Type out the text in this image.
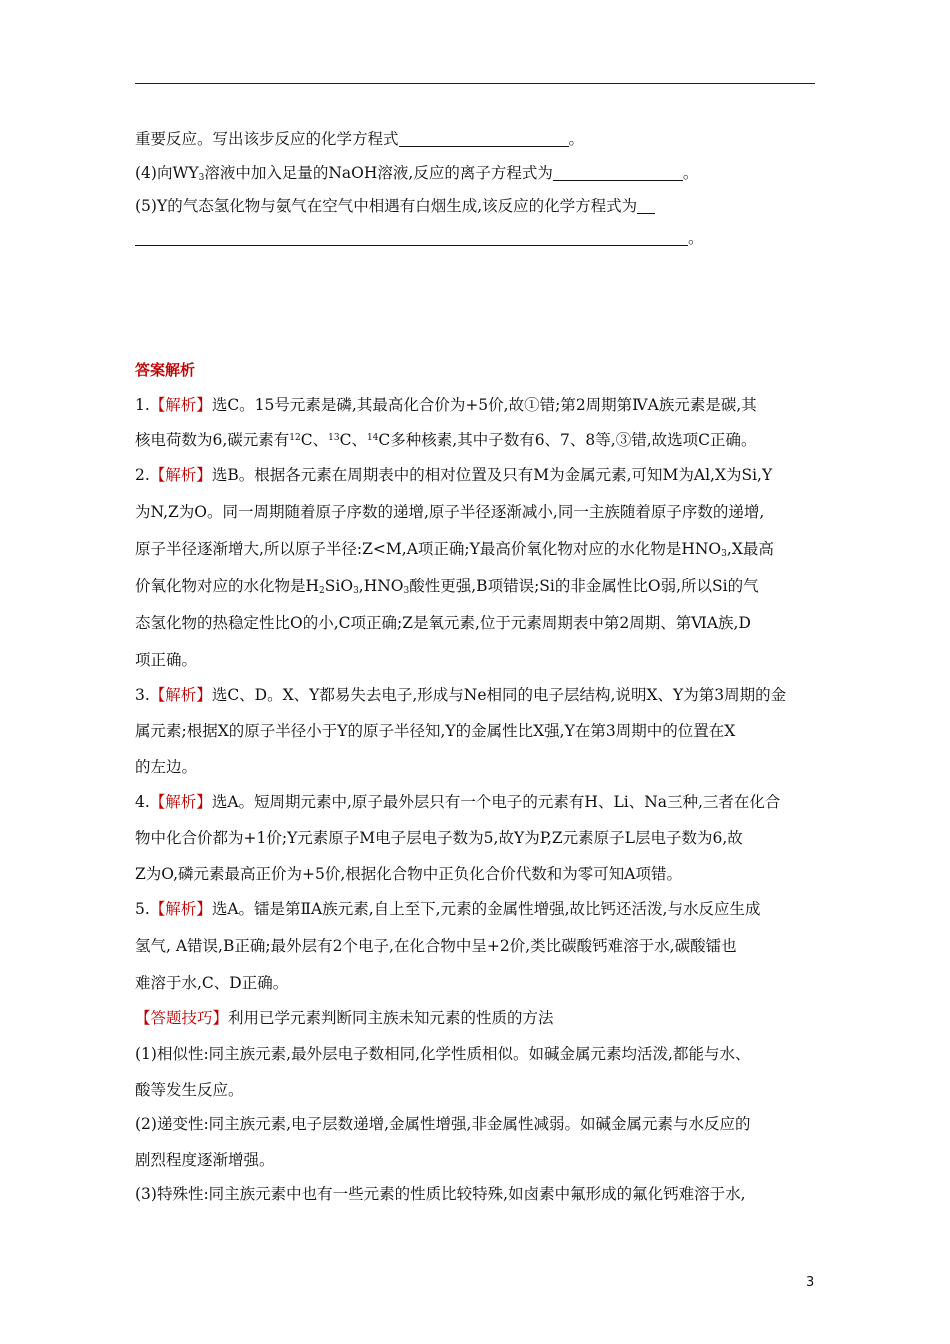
重要反应。写出该步反应的化学方程式	。
(4)向$WY_3$溶液中加入足量的NaOH溶液,反应的离子方程式为	。
(5)Y的气态氢化物与氨气在空气中相遇有白烟生成,该反应的化学方程式为
。
答案解析
1.【解析】选C。15号元素是磷,其最高化合价为+5价,故①错;第2周期第ⅣA族元素是碳,其
核电荷数为6,碳元素有$^{12}$C、$^{13}$C、$^{14}$C多种核素,其中子数有6、7、8等,③错,故选项C正确。
2.【解析】选B。根据各元素在周期表中的相对位置及只有M为金属元素,可知M为Al,X为Si,Y
为N,Z为O。同一周期随着原子序数的递增,原子半径逐渐减小,同一主族随着原子序数的递增,
原子半径逐渐增大,所以原子半径:Z<M,A项正确;Y最高价氧化物对应的水化物是$HNO_3,X$最高
价氧化物对应的水化物是$H_2SiO_3,HNO_3$酸性更强,B项错误;Si的非金属性比O弱,所以Si的气
态氢化物的热稳定性比O的小,C项正确;Z是氧元素,位于元素周期表中第2周期、第ⅥA族,D
项正确。
3.【解析】选C、D。X、Y都易失去电子,形成与Ne相同的电子层结构,说明X、Y为第3周期的金
属元素;根据X的原子半径小于Y的原子半径知,Y的金属性比X强,Y在第3周期中的位置在X
的左边。
4.【解析】选A。短周期元素中,原子最外层只有一个电子的元素有H、Li、Na三种,三者在化合
物中化合价都为+1价;Y元素原子M电子层电子数为5,故Y为P,Z元素原子L层电子数为6,故
Z为O,磷元素最高正价为+5价,根据化合物中正负化合价代数和为零可知A项错。
5.【解析】选A。镭是第ⅡA族元素,自上至下,元素的金属性增强,故比钙还活泼,与水反应生成
氢气, A错误,B正确;最外层有2个电子,在化合物中呈+2价,类比碳酸钙难溶于水,碳酸镭也
难溶于水,C、D正确。
【答题技巧】利用已学元素判断同主族未知元素的性质的方法
(1)相似性:同主族元素,最外层电子数相同,化学性质相似。如碱金属元素均活泼,都能与水、
酸等发生反应。
(2)递变性:同主族元素,电子层数递增,金属性增强,非金属性减弱。如碱金属元素与水反应的
剧烈程度逐渐增强。
(3)特殊性:同主族元素中也有一些元素的性质比较特殊,如卤素中氟形成的氟化钙难溶于水,
3
